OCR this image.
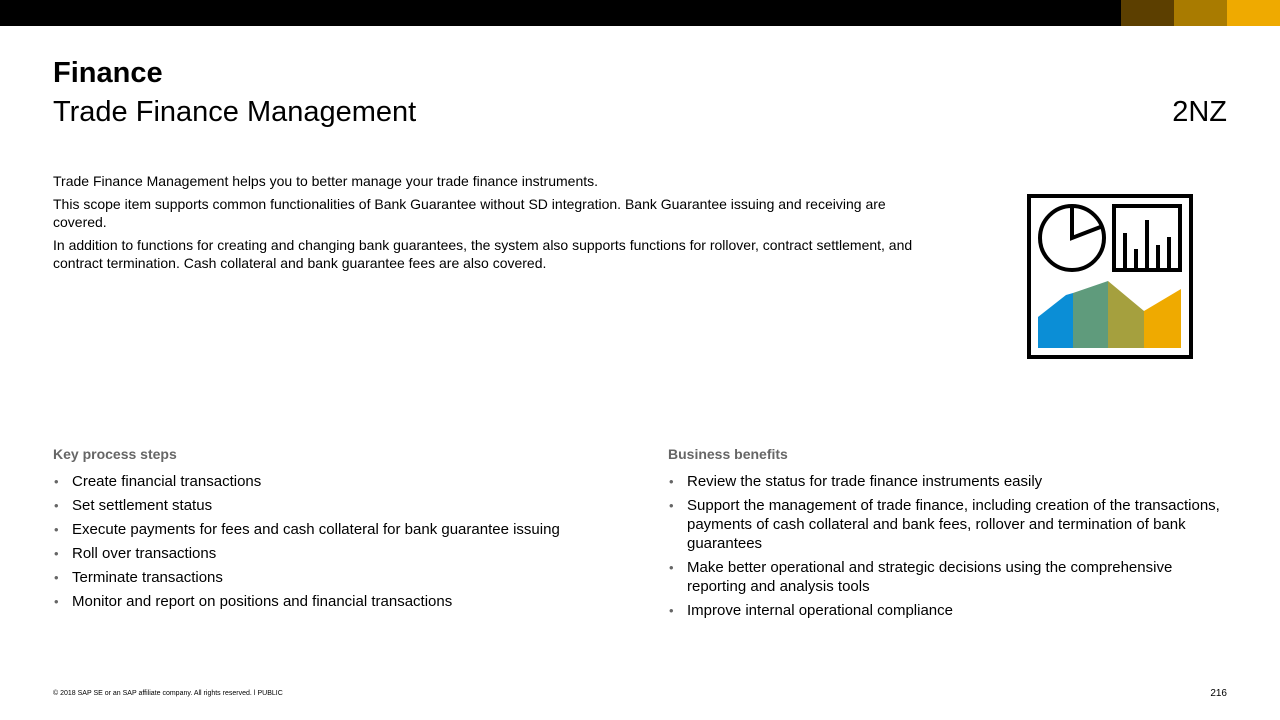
Finance
Trade Finance Management	2NZ

Trade Finance Management helps you to better manage your trade finance instruments.

This scope item supports common functionalities of Bank Guarantee without SD integration. Bank Guarantee issuing and receiving are covered.

In addition to functions for creating and changing bank guarantees, the system also supports functions for rollover, contract settlement, and contract termination. Cash collateral and bank guarantee fees are also covered.

Key process steps
• Create financial transactions
• Set settlement status
• Execute payments for fees and cash collateral for bank guarantee issuing
• Roll over transactions
• Terminate transactions
• Monitor and report on positions and financial transactions
Business benefits
• Review the status for trade finance instruments easily
• Support the management of trade finance, including creation of the transactions, payments of cash collateral and bank fees, rollover and termination of bank guarantees
• Make better operational and strategic decisions using the comprehensive reporting and analysis tools
• Improve internal operational compliance
© 2018 SAP SE or an SAP affiliate company. All rights reserved. ǀ PUBLIC	216
